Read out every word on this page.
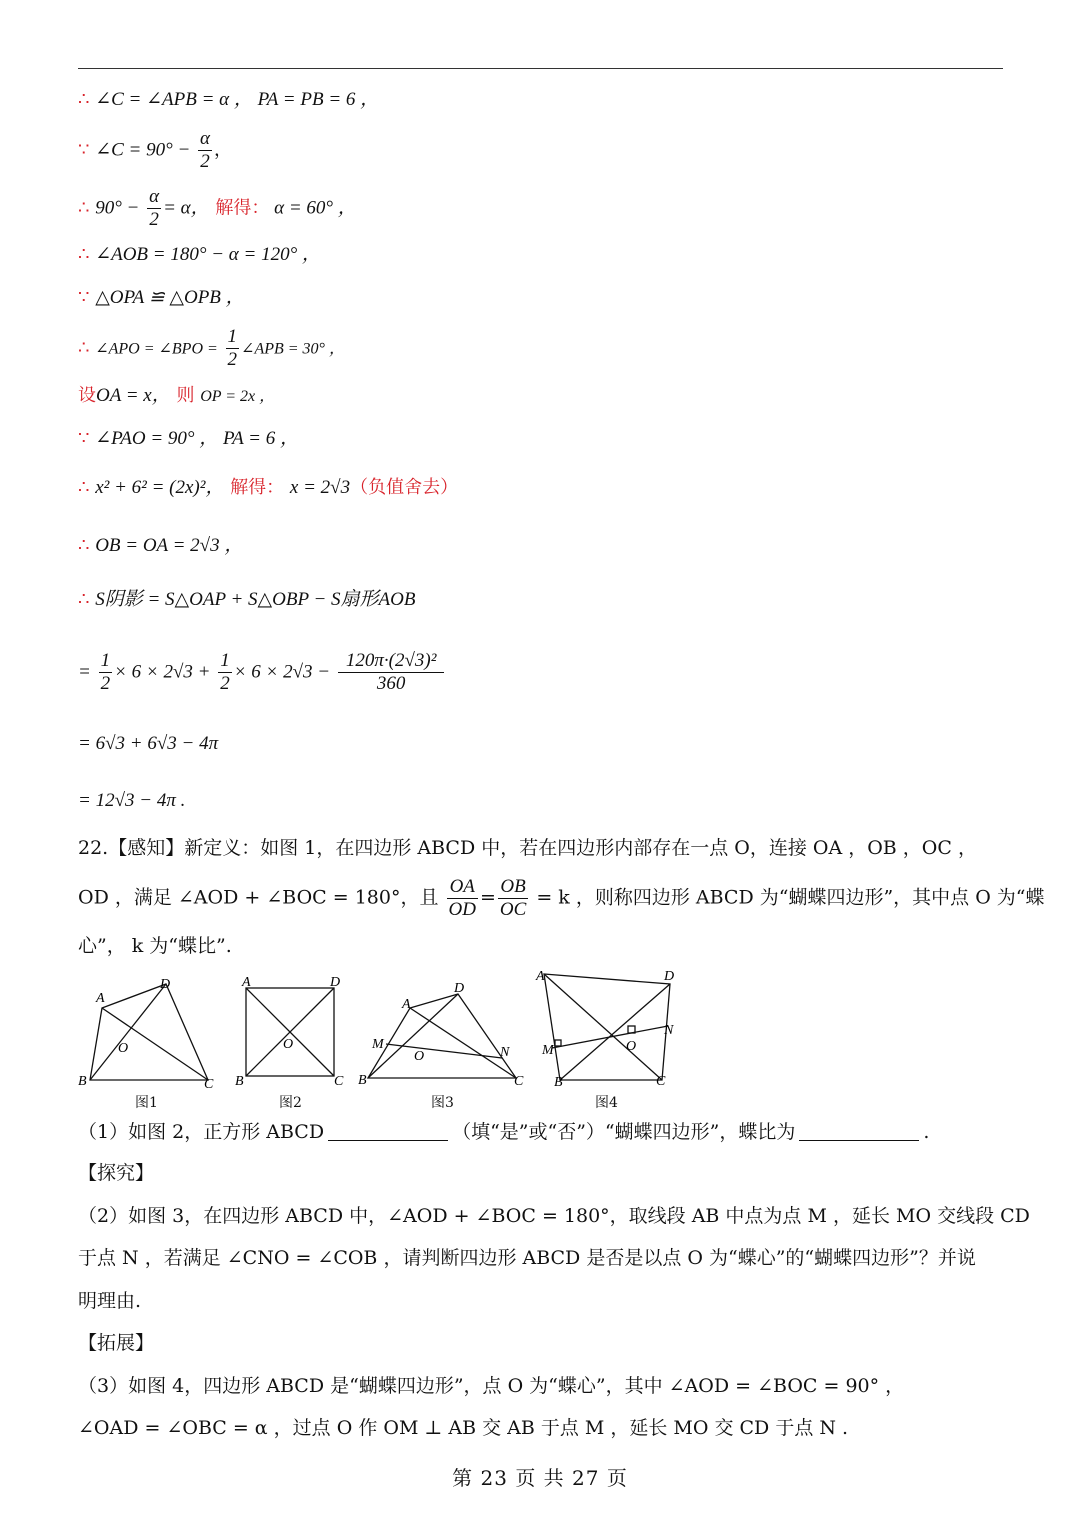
∴ ∠C = ∠APB = α ， PA = PB = 6 ，
∵ ∠C = $90^\circ - \frac{\alpha}{2}$ ，
∴ $90^\circ - \frac{\alpha}{2} = \alpha$， 解得： α = 60° ，
∴ ∠AOB = 180° − α = 120° ，
∵ △OPA ≌ △OPB ，
∴ ∠APO = ∠BPO = $\frac{1}{2}$ ∠APB = 30° ，
设OA = x， 则 OP = 2x ，
∵ ∠PAO = 90° ， PA = 6 ，
∴ x² + 6² = (2x)²， 解得： x = 2√3（负值舍去）
∴ OB = OA = 2√3 ，
∴ S阴影 = S△OAP + S△OBP − S扇形AOB
= $\frac{1}{2} \times 6 \times 2√3 + \frac{1}{2} \times 6 \times 2√3 - \frac{\text{120π·(2√3)²}}{360}$
= 6√3 + 6√3 − 4π
= 12√3 − 4π .
22.【感知】新定义：如图 1，在四边形 ABCD 中，若在四边形内部存在一点 O，连接 OA ，OB ，OC ，
OD ，满足 ∠AOD + ∠BOC = 180°，且 $\frac{OA}{OD} = \frac{OB}{OC} = k$ ，则称四边形 ABCD 为“蝴蝶四边形”，其中点 O 为“蝶
心”， k 为“蝶比”.
A
D
O
B	C
A	D
O
B	C
A
D
M
O	N
B	C
A	D
M	O
N
B	C
图1	图2	图3	图4
（1）如图 2，正方形 ABCD	（填“是”或“否”）“蝴蝶四边形”，蝶比为	.
【探究】
（2）如图 3，在四边形 ABCD 中，∠AOD + ∠BOC = 180°，取线段 AB 中点为点 M ，延长 MO 交线段 CD
于点 N ，若满足 ∠CNO = ∠COB ，请判断四边形 ABCD 是否是以点 O 为“蝶心”的“蝴蝶四边形”？并说
明理由.
【拓展】
（3）如图 4，四边形 ABCD 是“蝴蝶四边形”，点 O 为“蝶心”，其中 ∠AOD = ∠BOC = 90° ，
∠OAD = ∠OBC = α ，过点 O 作 OM ⊥ AB 交 AB 于点 M ，延长 MO 交 CD 于点 N .
第 23 页 共 27 页
